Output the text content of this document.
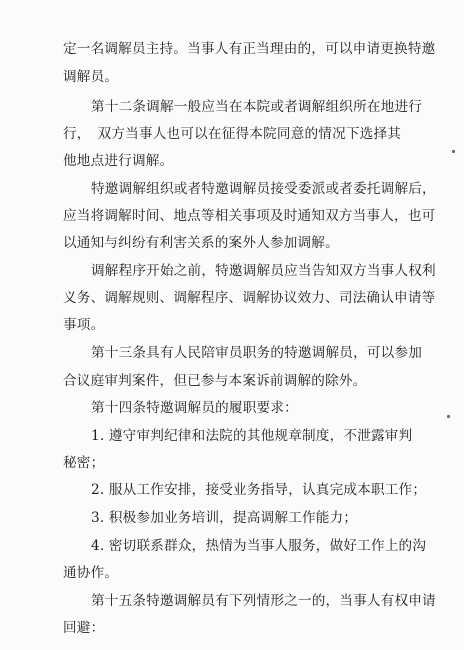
定一名调解员主持。当事人有正当理由的，可以申请更换特邀
调解员。
第十二条调解一般应当在本院或者调解组织所在地进行
行，　双方当事人也可以在征得本院同意的情况下选择其
他地点进行调解。
特邀调解组织或者特邀调解员接受委派或者委托调解后，
应当将调解时间、地点等相关事项及时通知双方当事人，也可
以通知与纠纷有利害关系的案外人参加调解。
调解程序开始之前，特邀调解员应当告知双方当事人权利
义务、调解规则、调解程序、调解协议效力、司法确认申请等
事项。
第十三条具有人民陪审员职务的特邀调解员，可以参加
合议庭审判案件，但已参与本案诉前调解的除外。
第十四条特邀调解员的履职要求：
1. 遵守审判纪律和法院的其他规章制度，不泄露审判
秘密；
2. 服从工作安排，接受业务指导，认真完成本职工作；
3. 积极参加业务培训，提高调解工作能力；
4. 密切联系群众，热情为当事人服务，做好工作上的沟
通协作。
第十五条特邀调解员有下列情形之一的，当事人有权申请
回避：
